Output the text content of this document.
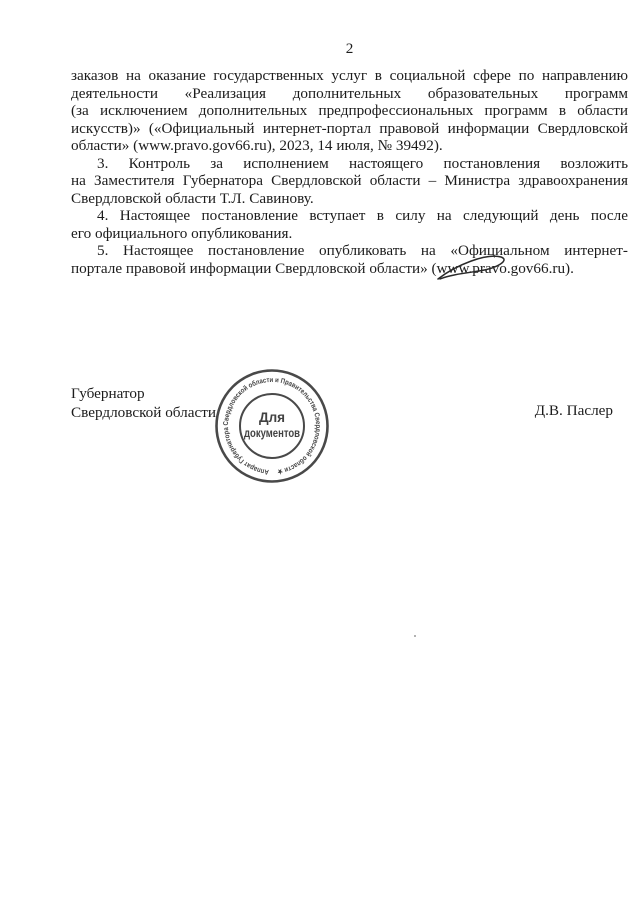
2
заказов на оказание государственных услуг в социальной сфере по направлению
деятельности «Реализация дополнительных образовательных программ
(за исключением дополнительных предпрофессиональных программ в области
искусств)» («Официальный интернет-портал правовой информации Свердловской
области» (www.pravo.gov66.ru), 2023, 14 июля, № 39492).
3. Контроль за исполнением настоящего постановления возложить
на Заместителя Губернатора Свердловской области – Министра здравоохранения
Свердловской области Т.Л. Савинову.
4. Настоящее постановление вступает в силу на следующий день после
его официального опубликования.
5. Настоящее постановление опубликовать на «Официальном интернет-
портале правовой информации Свердловской области» (www.pravo.gov66.ru).
Губернатор
Свердловской области	Д.В. Паслер
Аппарат Губернатора Свердловской области и Правительства Свердловской области ★
Для
документов
